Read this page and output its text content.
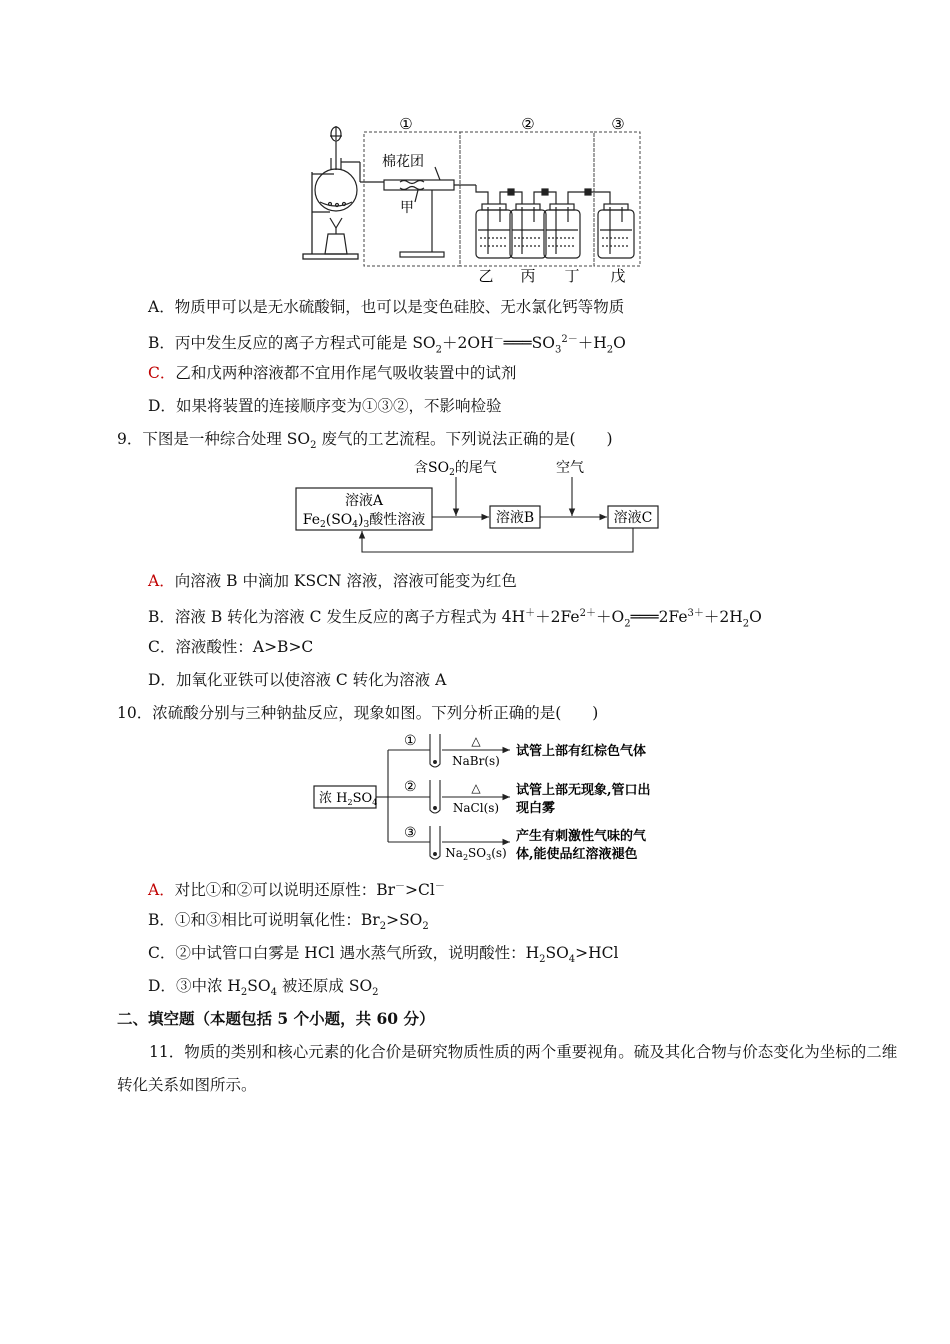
①	②	③
棉花团
甲
乙 丙 丁 戊
A．物质甲可以是无水硫酸铜，也可以是变色硅胶、无水氯化钙等物质
B．丙中发生反应的离子方程式可能是 $SO_2+2OH^-═══SO_3^{2-}+H_2O$
C．乙和戊两种溶液都不宜用作尾气吸收装置中的试剂
D．如果将装置的连接顺序变为①③②，不影响检验
9．下图是一种综合处理 $SO_2$ 废气的工艺流程。下列说法正确的是(　　)
含$SO_2$的尾气	空气
溶液A
$Fe_2(SO_4)_3$酸性溶液	溶液B	溶液C
A．向溶液 B 中滴加 KSCN 溶液，溶液可能变为红色
B．溶液 B 转化为溶液 C 发生反应的离子方程式为 $4H^++2Fe^{2+}+O_2═══2Fe^{3+}+2H_2O$
C．溶液酸性：A>B>C
D．加氧化亚铁可以使溶液 C 转化为溶液 A
10．浓硫酸分别与三种钠盐反应，现象如图。下列分析正确的是(　　)
浓 $H_2SO_4$
①
②
③
△
△
NaBr(s)
NaCl(s)
$Na_2SO_3(s)$
试管上部有红棕色气体
试管上部无现象,管口出
现白雾
产生有刺激性气味的气
体,能使品红溶液褪色
A．对比①和②可以说明还原性：Br－>Cl－
B．①和③相比可说明氧化性：$Br_2>SO_2$
C．②中试管口白雾是 HCl 遇水蒸气所致，说明酸性：$H_2SO_4>HCl$
D．③中浓 $H_2SO_4$ 被还原成 $SO_2$
二、填空题（本题包括 5 个小题，共 60 分）
11．物质的类别和核心元素的化合价是研究物质性质的两个重要视角。硫及其化合物与价态变化为坐标的二维转化关系如图所示。
